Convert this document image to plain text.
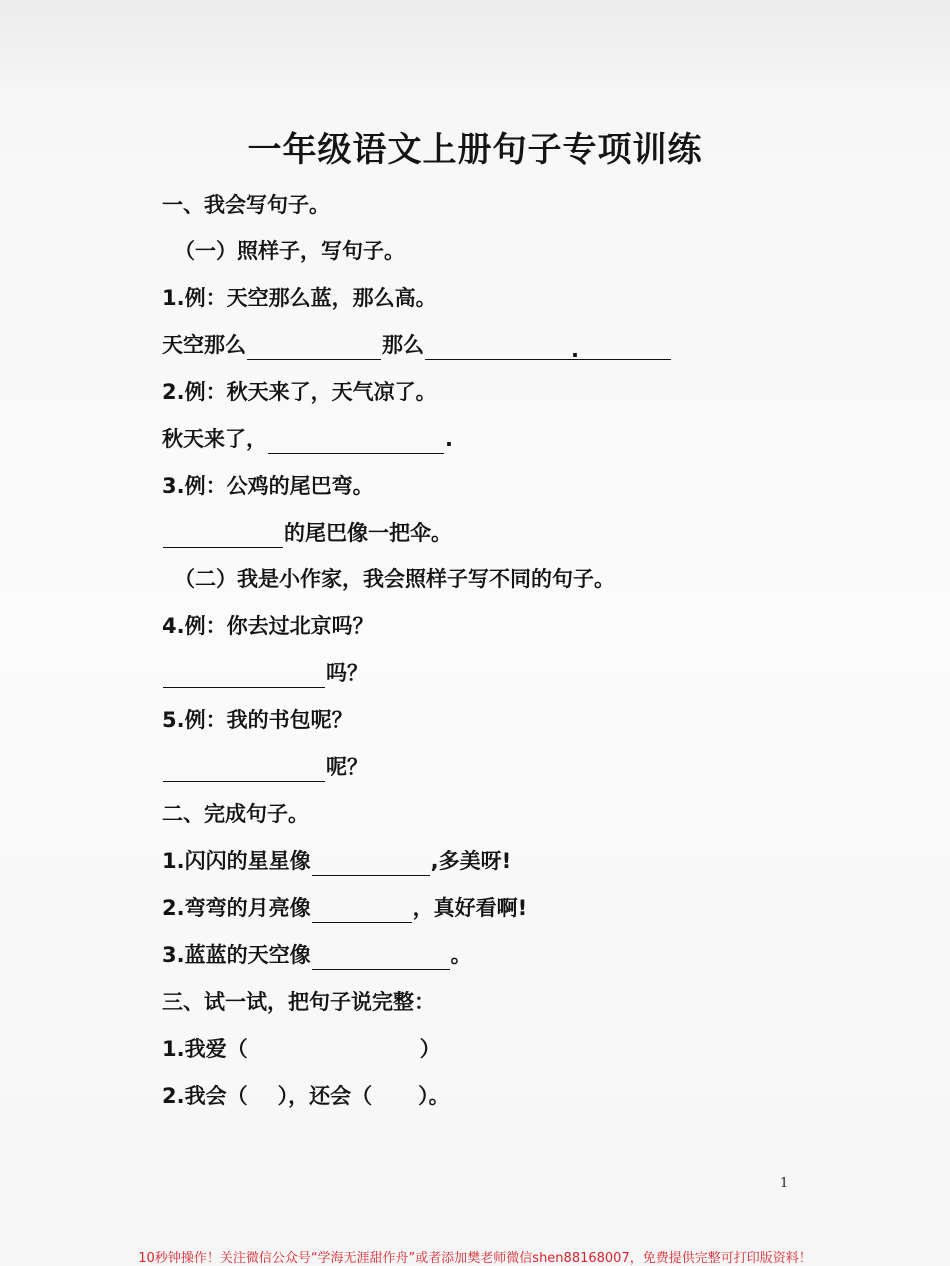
一年级语文上册句子专项训练
一、我会写句子。
（一）照样子，写句子。
1.例：天空那么蓝，那么高。
天空那么	那么	.
2.例：秋天来了，天气凉了。
秋天来了，	.
3.例：公鸡的尾巴弯。
的尾巴像一把伞。
（二）我是小作家，我会照样子写不同的句子。
4.例：你去过北京吗？
吗？
5.例：我的书包呢？
呢？
二、完成句子。
1.闪闪的星星像	,多美呀!
2.弯弯的月亮像	，真好看啊!
3.蓝蓝的天空像	。
三、试一试，把句子说完整：
1.我爱（	）
2.我会（ ），还会（ ）。
1
10秒钟操作！关注微信公众号“学海无涯甜作舟”或者添加樊老师微信shen88168007，免费提供完整可打印版资料！
